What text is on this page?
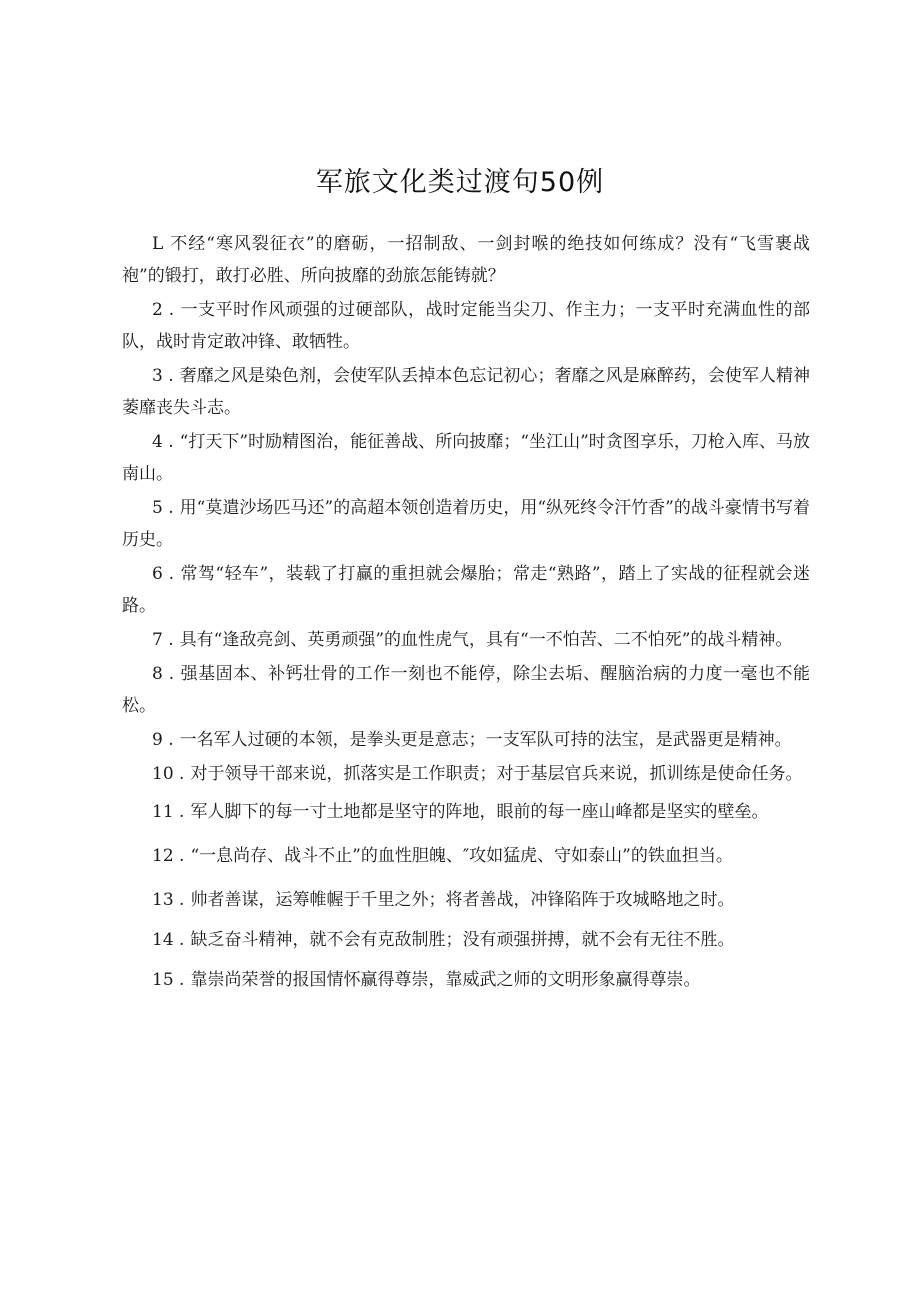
军旅文化类过渡句50例

L 不经“寒风裂征衣”的磨砺，一招制敌、一剑封喉的绝技如何练成？没有“飞雪裹战袍”的锻打，敢打必胜、所向披靡的劲旅怎能铸就？

2 . 一支平时作风顽强的过硬部队，战时定能当尖刀、作主力；一支平时充满血性的部队，战时肯定敢冲锋、敢牺牲。

3 . 奢靡之风是染色剂，会使军队丢掉本色忘记初心；奢靡之风是麻醉药，会使军人精神萎靡丧失斗志。

4 . “打天下”时励精图治，能征善战、所向披靡；“坐江山”时贪图享乐，刀枪入库、马放南山。

5 . 用“莫遣沙场匹马还”的高超本领创造着历史，用“纵死终令汗竹香”的战斗豪情书写着历史。

6 . 常驾“轻车”，装载了打赢的重担就会爆胎；常走“熟路”，踏上了实战的征程就会迷路。

7 . 具有“逢敌亮剑、英勇顽强”的血性虎气，具有“一不怕苦、二不怕死”的战斗精神。

8 . 强基固本、补钙壮骨的工作一刻也不能停，除尘去垢、醒脑治病的力度一毫也不能松。

9 . 一名军人过硬的本领，是拳头更是意志；一支军队可持的法宝，是武器更是精神。

10 . 对于领导干部来说，抓落实是工作职责；对于基层官兵来说，抓训练是使命任务。

11 . 军人脚下的每一寸土地都是坚守的阵地，眼前的每一座山峰都是坚实的壁垒。

12 . “一息尚存、战斗不止”的血性胆魄、″攻如猛虎、守如泰山”的铁血担当。

13 . 帅者善谋，运筹帷幄于千里之外；将者善战，冲锋陷阵于攻城略地之时。

14 . 缺乏奋斗精神，就不会有克敌制胜；没有顽强拼搏，就不会有无往不胜。

15 . 靠崇尚荣誉的报国情怀赢得尊崇，靠威武之师的文明形象赢得尊崇。
